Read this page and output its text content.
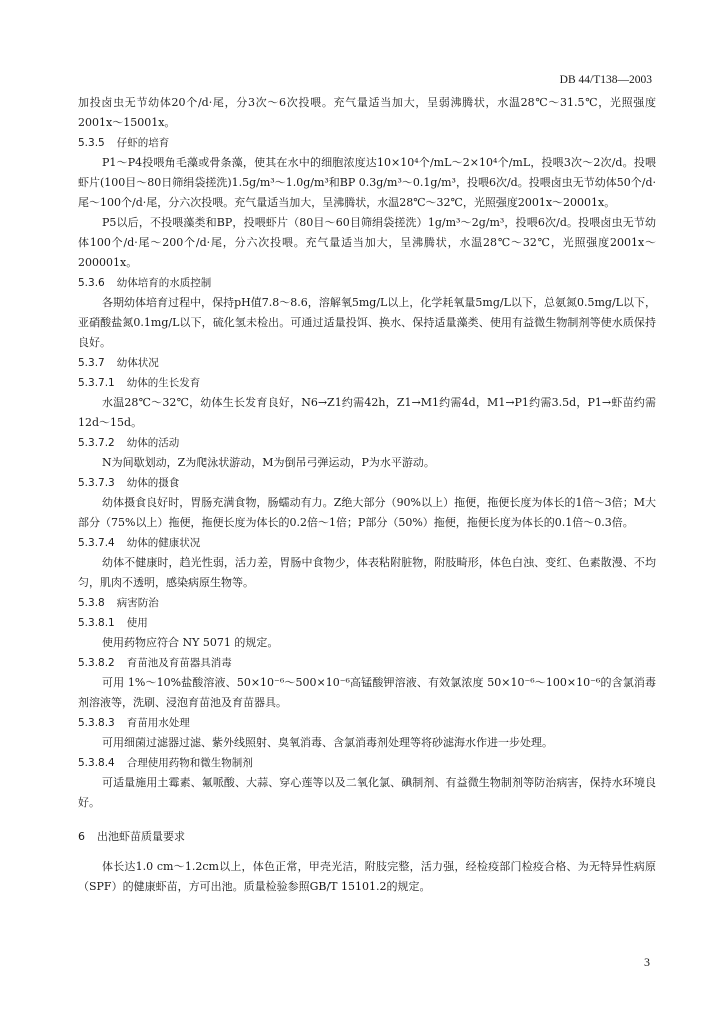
DB 44/T138—2003

加投卤虫无节幼体20个/d·尾，分3次～6次投喂。充气量适当加大，呈弱沸腾状，水温28℃～31.5℃，光照强度2001x～15001x。

5.3.5 仔虾的培育

P1～P4投喂角毛藻或骨条藻，使其在水中的细胞浓度达10×10⁴个/mL～2×10⁴个/mL，投喂3次～2次/d。投喂虾片(100目～80日筛绢袋搓洗)1.5g/m³～1.0g/m³和BP 0.3g/m³～0.1g/m³，投喂6次/d。投喂卤虫无节幼体50个/d·尾～100个/d·尾，分六次投喂。充气量适当加大，呈沸腾状，水温28℃～32℃，光照强度2001x～20001x。

P5以后，不投喂藻类和BP，投喂虾片（80目～60目筛绢袋搓洗）1g/m³～2g/m³，投喂6次/d。投喂卤虫无节幼体100个/d·尾～200个/d·尾，分六次投喂。充气量适当加大，呈沸腾状，水温28℃～32℃，光照强度2001x～200001x。

5.3.6 幼体培育的水质控制

各期幼体培育过程中，保持pH值7.8～8.6，溶解氧5mg/L以上，化学耗氧量5mg/L以下，总氨氮0.5mg/L以下，亚硝酸盐氮0.1mg/L以下，硫化氢未检出。可通过适量投饵、换水、保持适量藻类、使用有益微生物制剂等使水质保持良好。

5.3.7 幼体状况
5.3.7.1 幼体的生长发育

水温28℃～32℃，幼体生长发育良好，N6→Z1约需42h，Z1→M1约需4d，M1→P1约需3.5d，P1→虾苗约需12d～15d。

5.3.7.2 幼体的活动

N为间歇划动，Z为爬泳状游动，M为倒吊弓弹运动，P为水平游动。

5.3.7.3 幼体的摄食

幼体摄食良好时，胃肠充满食物，肠蠕动有力。Z绝大部分（90%以上）拖便，拖便长度为体长的1倍～3倍；M大部分（75%以上）拖便，拖便长度为体长的0.2倍～1倍；P部分（50%）拖便，拖便长度为体长的0.1倍～0.3倍。

5.3.7.4 幼体的健康状况

幼体不健康时，趋光性弱，活力差，胃肠中食物少，体表粘附脏物，附肢畸形，体色白浊、变红、色素散漫、不均匀，肌肉不透明，感染病原生物等。

5.3.8 病害防治
5.3.8.1 使用

使用药物应符合 NY 5071 的规定。

5.3.8.2 育苗池及育苗器具消毒

可用 1%～10%盐酸溶液、50×10⁻⁶～500×10⁻⁶高锰酸钾溶液、有效氯浓度 50×10⁻⁶～100×10⁻⁶的含氯消毒剂溶液等，洗刷、浸泡育苗池及育苗器具。

5.3.8.3 育苗用水处理

可用细菌过滤器过滤、紫外线照射、臭氧消毒、含氯消毒剂处理等将砂滤海水作进一步处理。

5.3.8.4 合理使用药物和微生物制剂

可适量施用土霉素、氟哌酸、大蒜、穿心莲等以及二氧化氯、碘制剂、有益微生物制剂等防治病害，保持水环境良好。

6 出池虾苗质量要求

体长达1.0 cm～1.2cm以上，体色正常，甲壳光洁，附肢完整，活力强，经检疫部门检疫合格、为无特异性病原（SPF）的健康虾苗，方可出池。质量检验参照GB/T 15101.2的规定。

3
